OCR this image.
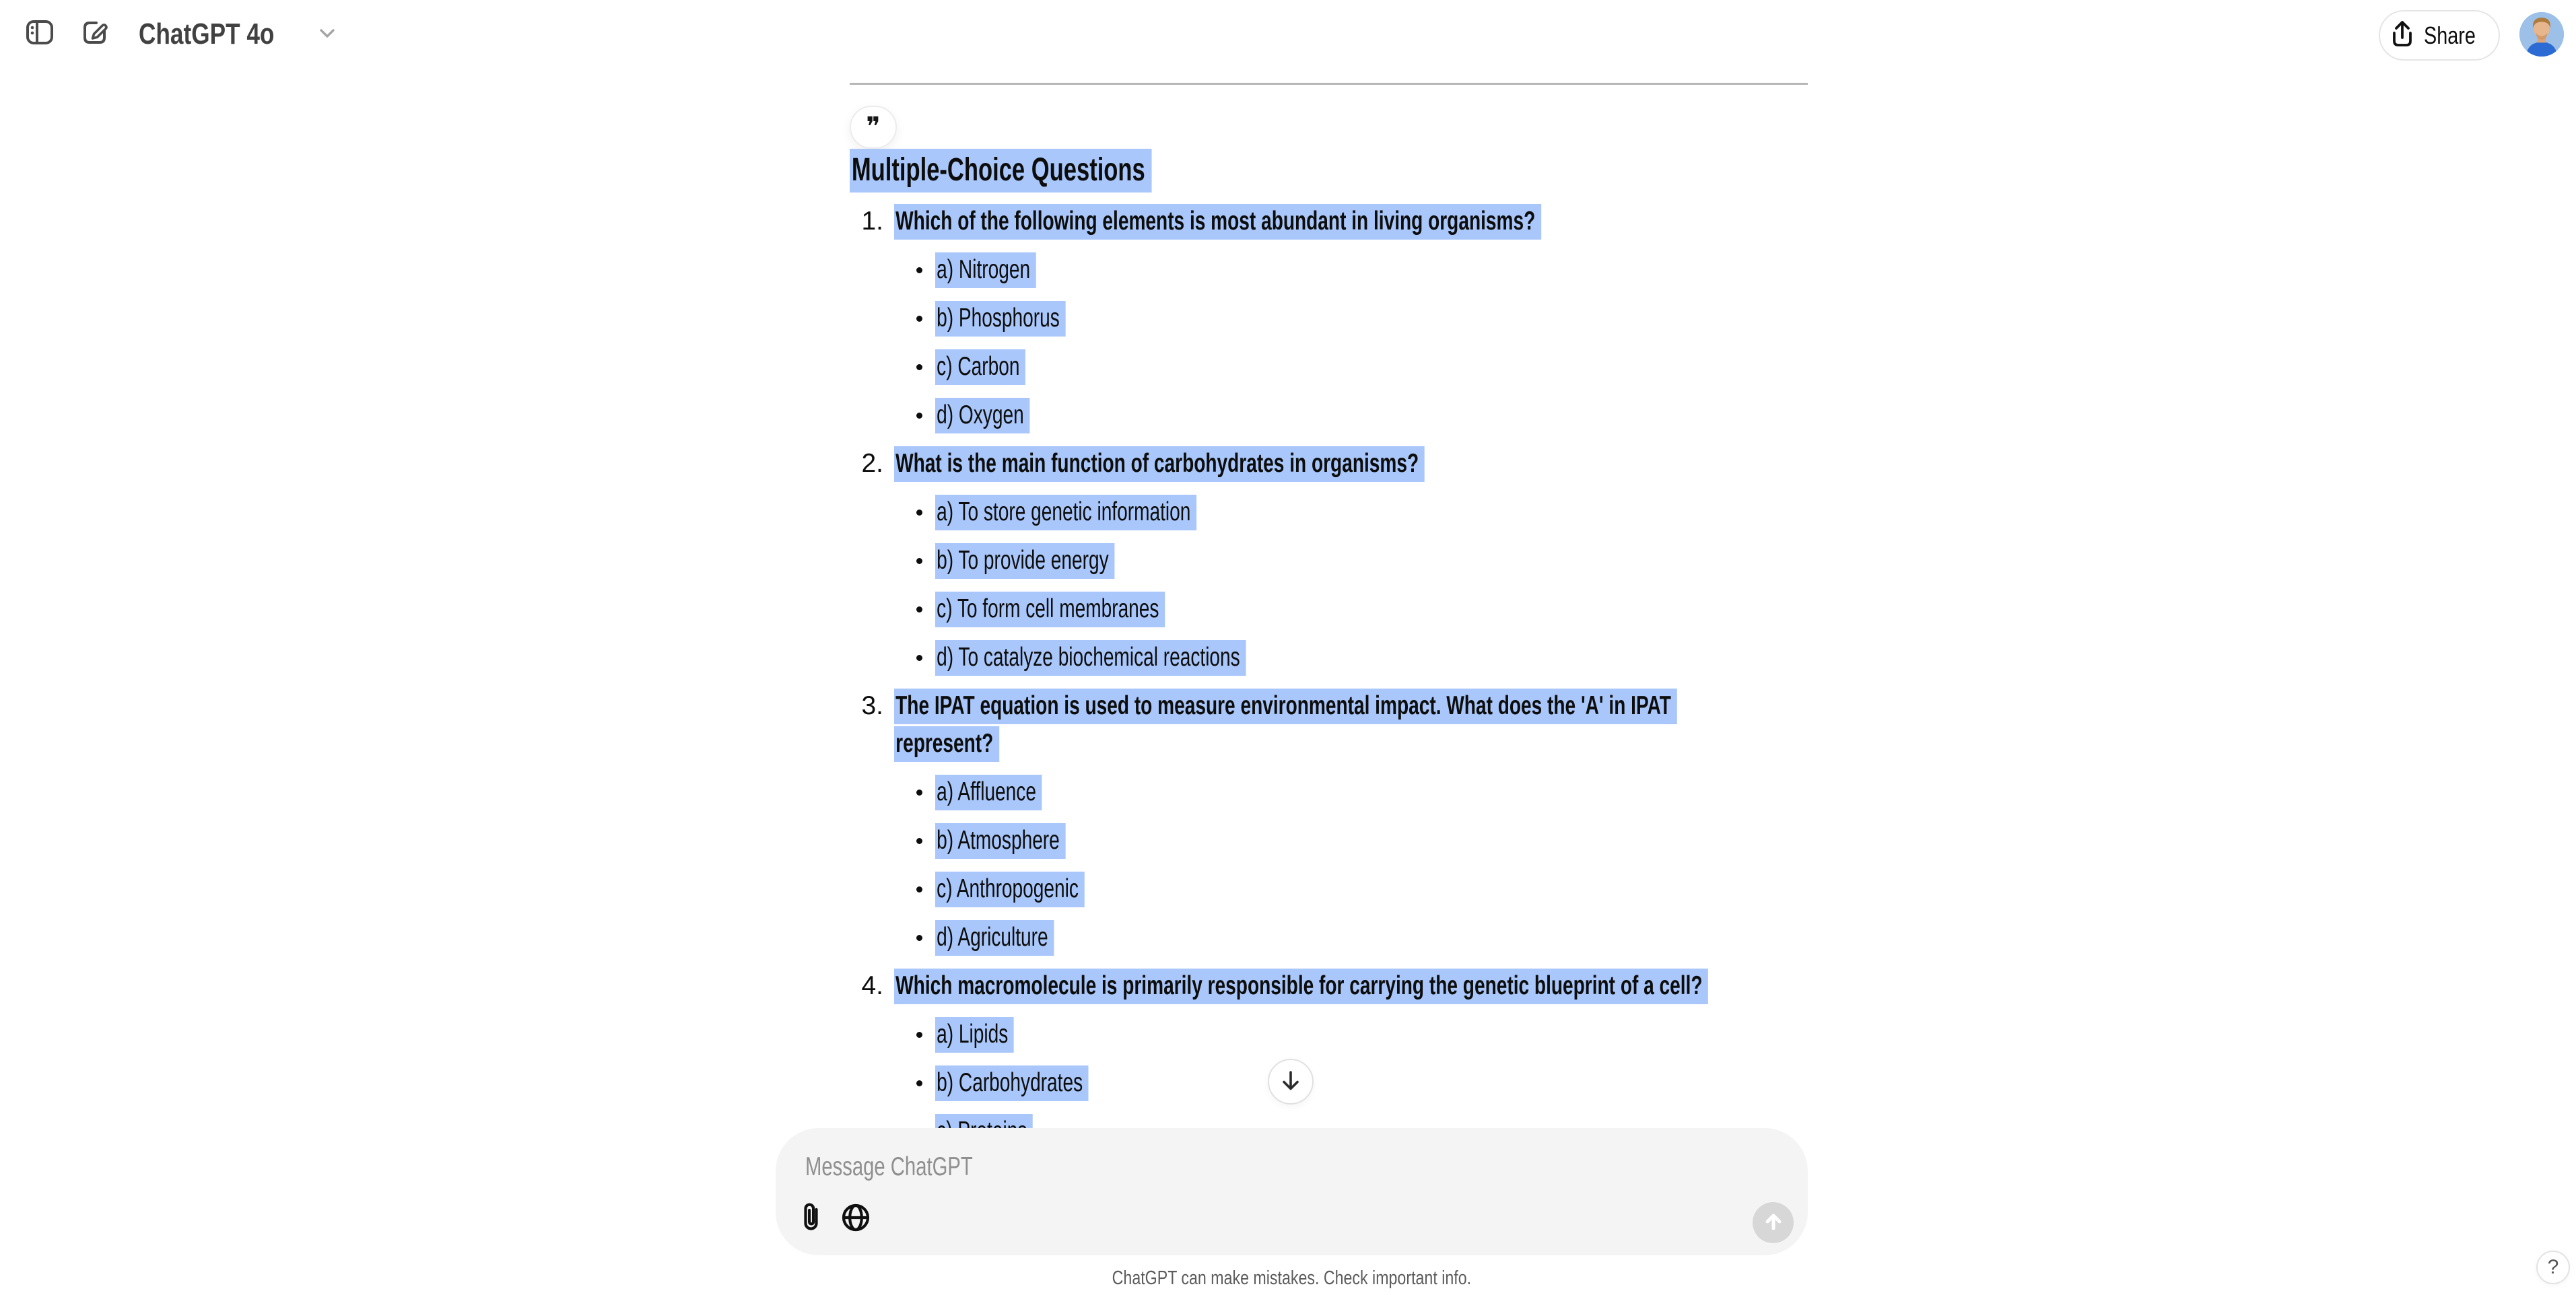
ChatGPT 4o	Share
❞
Multiple-Choice Questions
1. Which of the following elements is most abundant in living organisms?
a) Nitrogen
b) Phosphorus
c) Carbon
d) Oxygen
2. What is the main function of carbohydrates in organisms?
a) To store genetic information
b) To provide energy
c) To form cell membranes
d) To catalyze biochemical reactions
3. The IPAT equation is used to measure environmental impact. What does the 'A' in IPAT
represent?
a) Affluence
b) Atmosphere
c) Anthropogenic
d) Agriculture
4. Which macromolecule is primarily responsible for carrying the genetic blueprint of a cell?
a) Lipids
b) Carbohydrates
Message ChatGPT
ChatGPT can make mistakes. Check important info.	?
